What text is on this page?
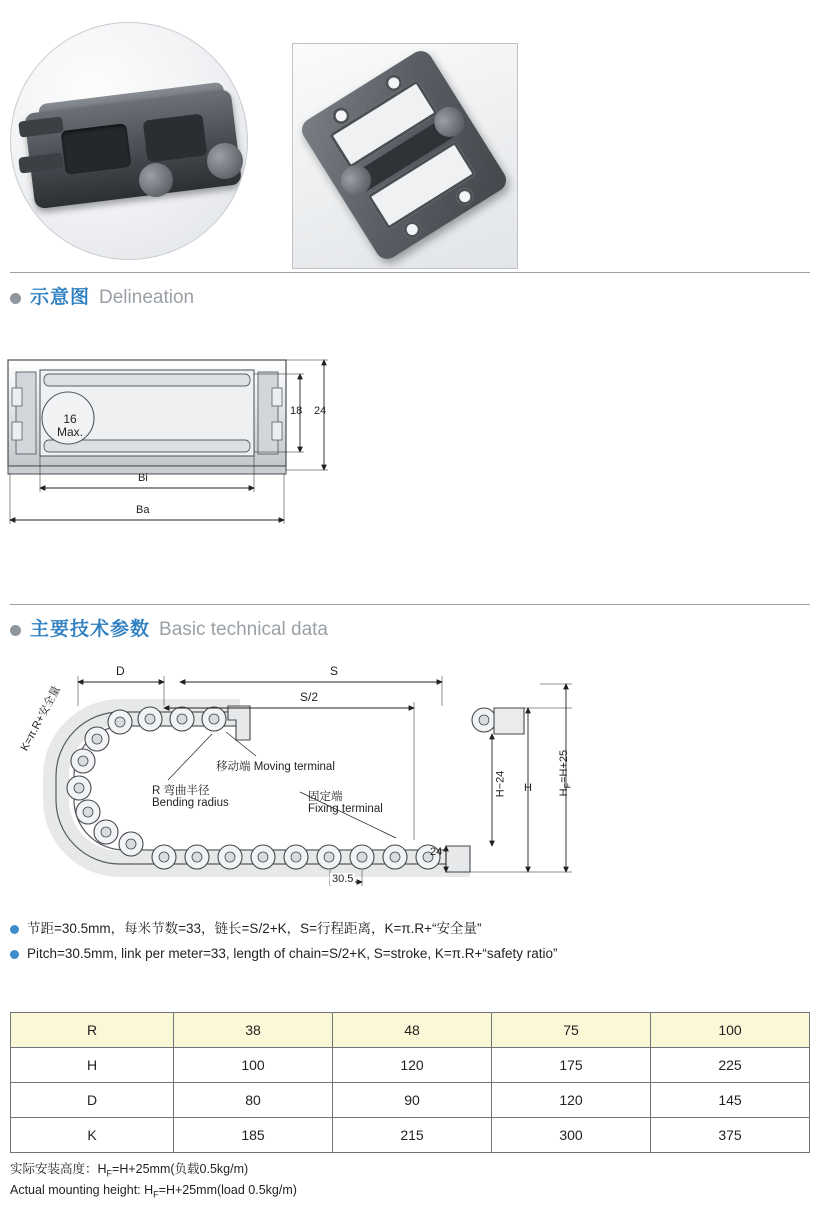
示意图 Delineation
16
Max.
18 24
Bi
Ba
主要技术参数 Basic technical data
D	S
S/2
K=π.R+安全量
移动端 Moving terminal
R 弯曲半径
Bending radius	固定端
Fixing terminal
30.5
24
H−24 H $H_F=H+25$
节距=30.5mm，每米节数=33，链长=S/2+K，S=行程距离，K=π.R+“安全量”
Pitch=30.5mm, link per meter=33, length of chain=S/2+K, S=stroke, K=π.R+“safety ratio”
R	38	48	75	100
H	100	120	175	225
D	80	90	120	145
K	185	215	300	375
实际安装高度：$H_F=H+25mm$(负载0.5kg/m)
Actual mounting height: $H_F=H+25mm(load$ 0.5kg/m)
